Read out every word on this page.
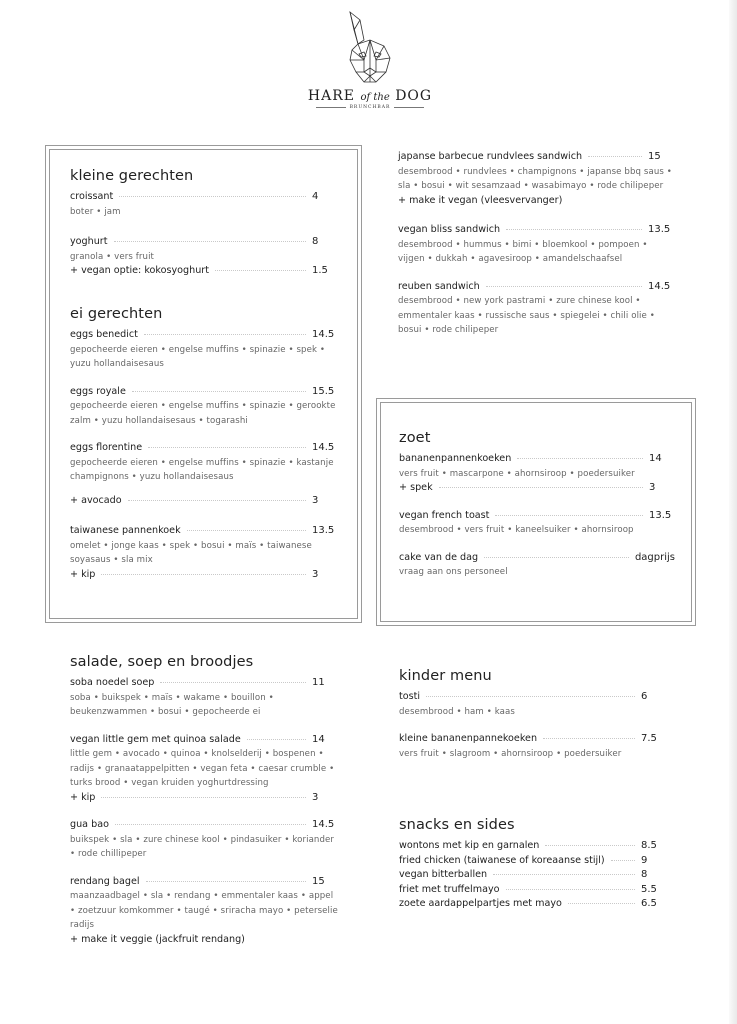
HARE of the DOG
BRUNCHBAR
kleine gerechten
croissant	4
boter • jam
yoghurt	8
granola • vers fruit
+ vegan optie: kokosyoghurt	1.5
ei gerechten
eggs benedict	14.5
gepocheerde eieren • engelse muffins • spinazie • spek • yuzu hollandaisesaus
eggs royale	15.5
gepocheerde eieren • engelse muffins • spinazie • gerookte zalm • yuzu hollandaisesaus • togarashi
eggs florentine	14.5
gepocheerde eieren • engelse muffins • spinazie • kastanje champignons • yuzu hollandaisesaus
+ avocado	3
taiwanese pannenkoek	13.5
omelet • jonge kaas • spek • bosui • maïs • taiwanese soyasaus • sla mix
+ kip	3
japanse barbecue rundvlees sandwich	15
desembrood • rundvlees • champignons • japanse bbq saus • sla • bosui • wit sesamzaad • wasabimayo • rode chilipeper
+ make it vegan (vleesvervanger)
vegan bliss sandwich	13.5
desembrood • hummus • bimi • bloemkool • pompoen • vijgen • dukkah • agavesiroop • amandelschaafsel
reuben sandwich	14.5
desembrood • new york pastrami • zure chinese kool • emmentaler kaas • russische saus • spiegelei • chili olie • bosui • rode chilipeper
zoet
bananenpannenkoeken	14
vers fruit • mascarpone • ahornsiroop • poedersuiker
+ spek	3
vegan french toast	13.5
desembrood • vers fruit • kaneelsuiker • ahornsiroop
cake van de dag	dagprijs
vraag aan ons personeel
salade, soep en broodjes
soba noedel soep	11
soba • buikspek • maïs • wakame • bouillon • beukenzwammen • bosui • gepocheerde ei
vegan little gem met quinoa salade	14
little gem • avocado • quinoa • knolselderij • bospenen • radijs • granaatappelpitten • vegan feta • caesar crumble • turks brood • vegan kruiden yoghurtdressing
+ kip	3
gua bao	14.5
buikspek • sla • zure chinese kool • pindasuiker • koriander • rode chillipeper
rendang bagel	15
maanzaadbagel • sla • rendang • emmentaler kaas • appel • zoetzuur komkommer • taugé • sriracha mayo • peterselie radijs
+ make it veggie (jackfruit rendang)
kinder menu
tosti	6
desembrood • ham • kaas
kleine bananenpannekoeken	7.5
vers fruit • slagroom • ahornsiroop • poedersuiker
snacks en sides
wontons met kip en garnalen	8.5
fried chicken (taiwanese of koreaanse stijl)	9
vegan bitterballen	8
friet met truffelmayo	5.5
zoete aardappelpartjes met mayo	6.5
